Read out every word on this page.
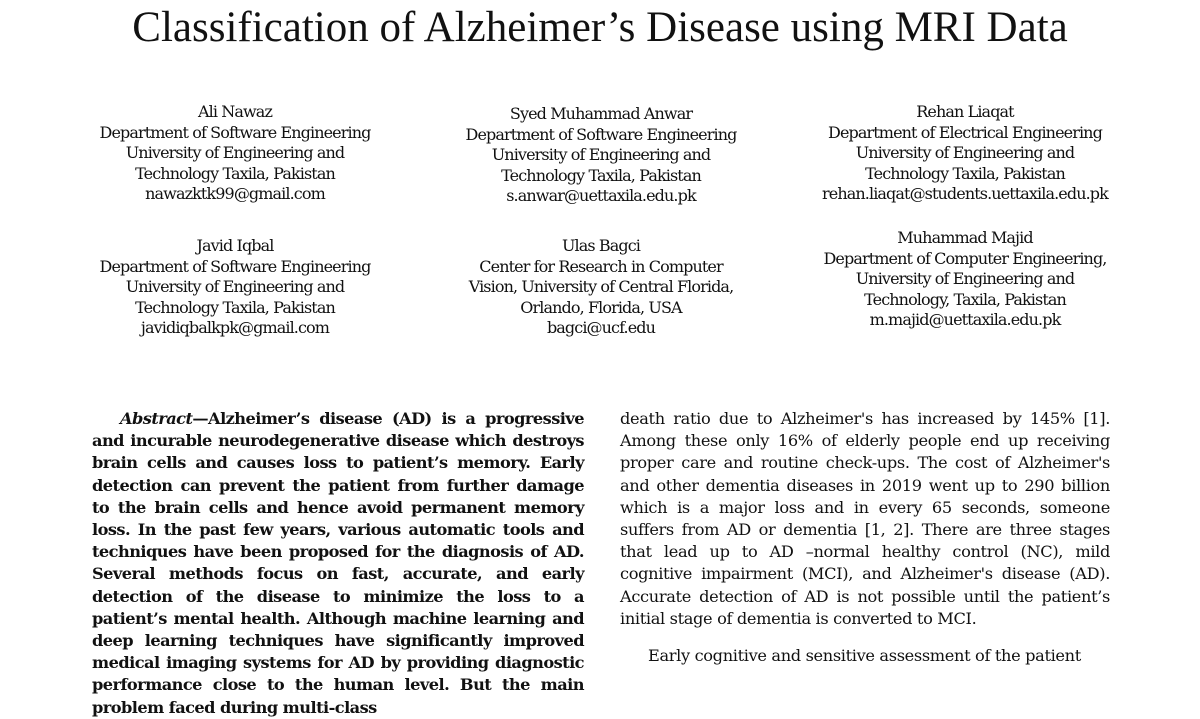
Classification of Alzheimer’s Disease using MRI Data
Ali Nawaz
Department of Software Engineering
University of Engineering and
Technology Taxila, Pakistan
nawazktk99@gmail.com
Syed Muhammad Anwar
Department of Software Engineering
University of Engineering and
Technology Taxila, Pakistan
s.anwar@uettaxila.edu.pk
Rehan Liaqat
Department of Electrical Engineering
University of Engineering and
Technology Taxila, Pakistan
rehan.liaqat@students.uettaxila.edu.pk
Javid Iqbal
Department of Software Engineering
University of Engineering and
Technology Taxila, Pakistan
javidiqbalkpk@gmail.com
Ulas Bagci
Center for Research in Computer
Vision, University of Central Florida,
Orlando, Florida, USA
bagci@ucf.edu
Muhammad Majid
Department of Computer Engineering,
University of Engineering and
Technology, Taxila, Pakistan
m.majid@uettaxila.edu.pk

Abstract—Alzheimer’s disease (AD) is a progressive and incurable neurodegenerative disease which destroys brain cells and causes loss to patient’s memory. Early detection can prevent the patient from further damage to the brain cells and hence avoid permanent memory loss. In the past few years, various automatic tools and techniques have been proposed for the diagnosis of AD. Several methods focus on fast, accurate, and early detection of the disease to minimize the loss to a patient’s mental health. Although machine learning and deep learning techniques have significantly improved medical imaging systems for AD by providing diagnostic performance close to the human level. But the main problem faced during multi-class

death ratio due to Alzheimer's has increased by 145% [1]. Among these only 16% of elderly people end up receiving proper care and routine check-ups. The cost of Alzheimer's and other dementia diseases in 2019 went up to 290 billion which is a major loss and in every 65 seconds, someone suffers from AD or dementia [1, 2]. There are three stages that lead up to AD –normal healthy control (NC), mild cognitive impairment (MCI), and Alzheimer's disease (AD). Accurate detection of AD is not possible until the patient’s initial stage of dementia is converted to MCI.

Early cognitive and sensitive assessment of the patient
